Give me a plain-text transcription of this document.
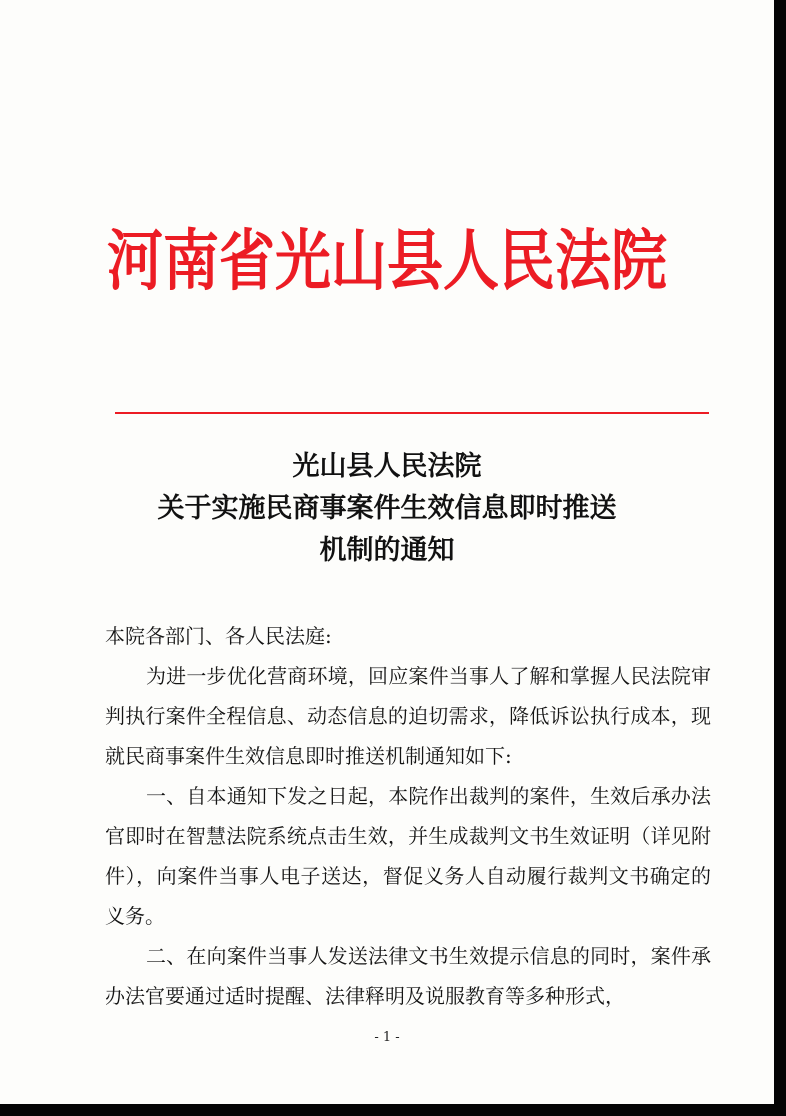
河南省光山县人民法院
光山县人民法院
关于实施民商事案件生效信息即时推送
机制的通知

本院各部门、各人民法庭:

为进一步优化营商环境，回应案件当事人了解和掌握人民法院审判执行案件全程信息、动态信息的迫切需求，降低诉讼执行成本，现就民商事案件生效信息即时推送机制通知如下:

一、自本通知下发之日起，本院作出裁判的案件，生效后承办法官即时在智慧法院系统点击生效，并生成裁判文书生效证明（详见附件），向案件当事人电子送达，督促义务人自动履行裁判文书确定的义务。

二、在向案件当事人发送法律文书生效提示信息的同时，案件承办法官要通过适时提醒、法律释明及说服教育等多种形式，

- 1 -
